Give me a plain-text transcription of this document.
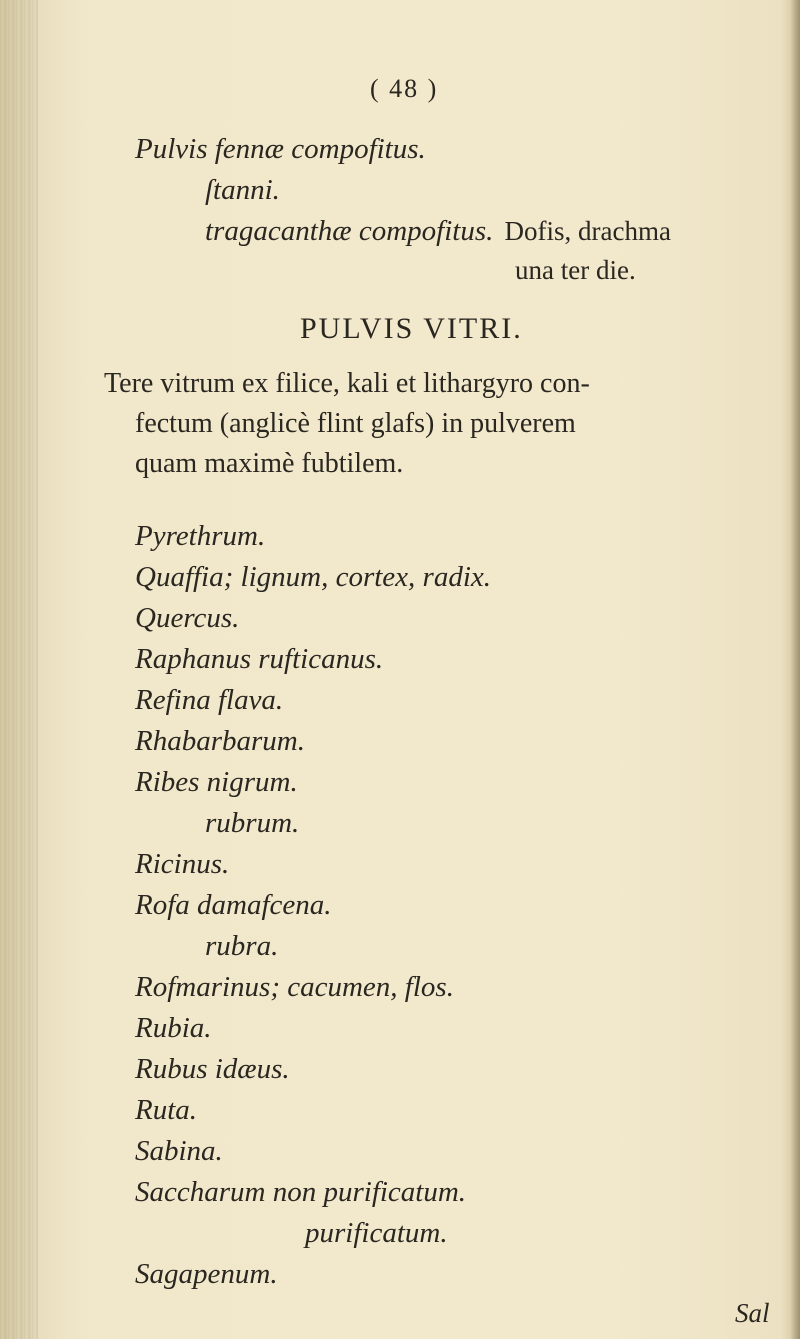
( 48 )
Pulvis fennæ compofitus.
ſtanni.
tragacanthæ compofitus. Dofis, drachma
una ter die.
PULVIS VITRI.
Tere vitrum ex filice, kali et lithargyro con-
fectum (anglicè flint glafs) in pulverem
quam maximè fubtilem.
Pyrethrum.
Quaffia; lignum, cortex, radix.
Quercus.
Raphanus rufticanus.
Refina flava.
Rhabarbarum.
Ribes nigrum.
rubrum.
Ricinus.
Rofa damafcena.
rubra.
Rofmarinus; cacumen, flos.
Rubia.
Rubus idæus.
Ruta.
Sabina.
Saccharum non purificatum.
purificatum.
Sagapenum.
Sal
